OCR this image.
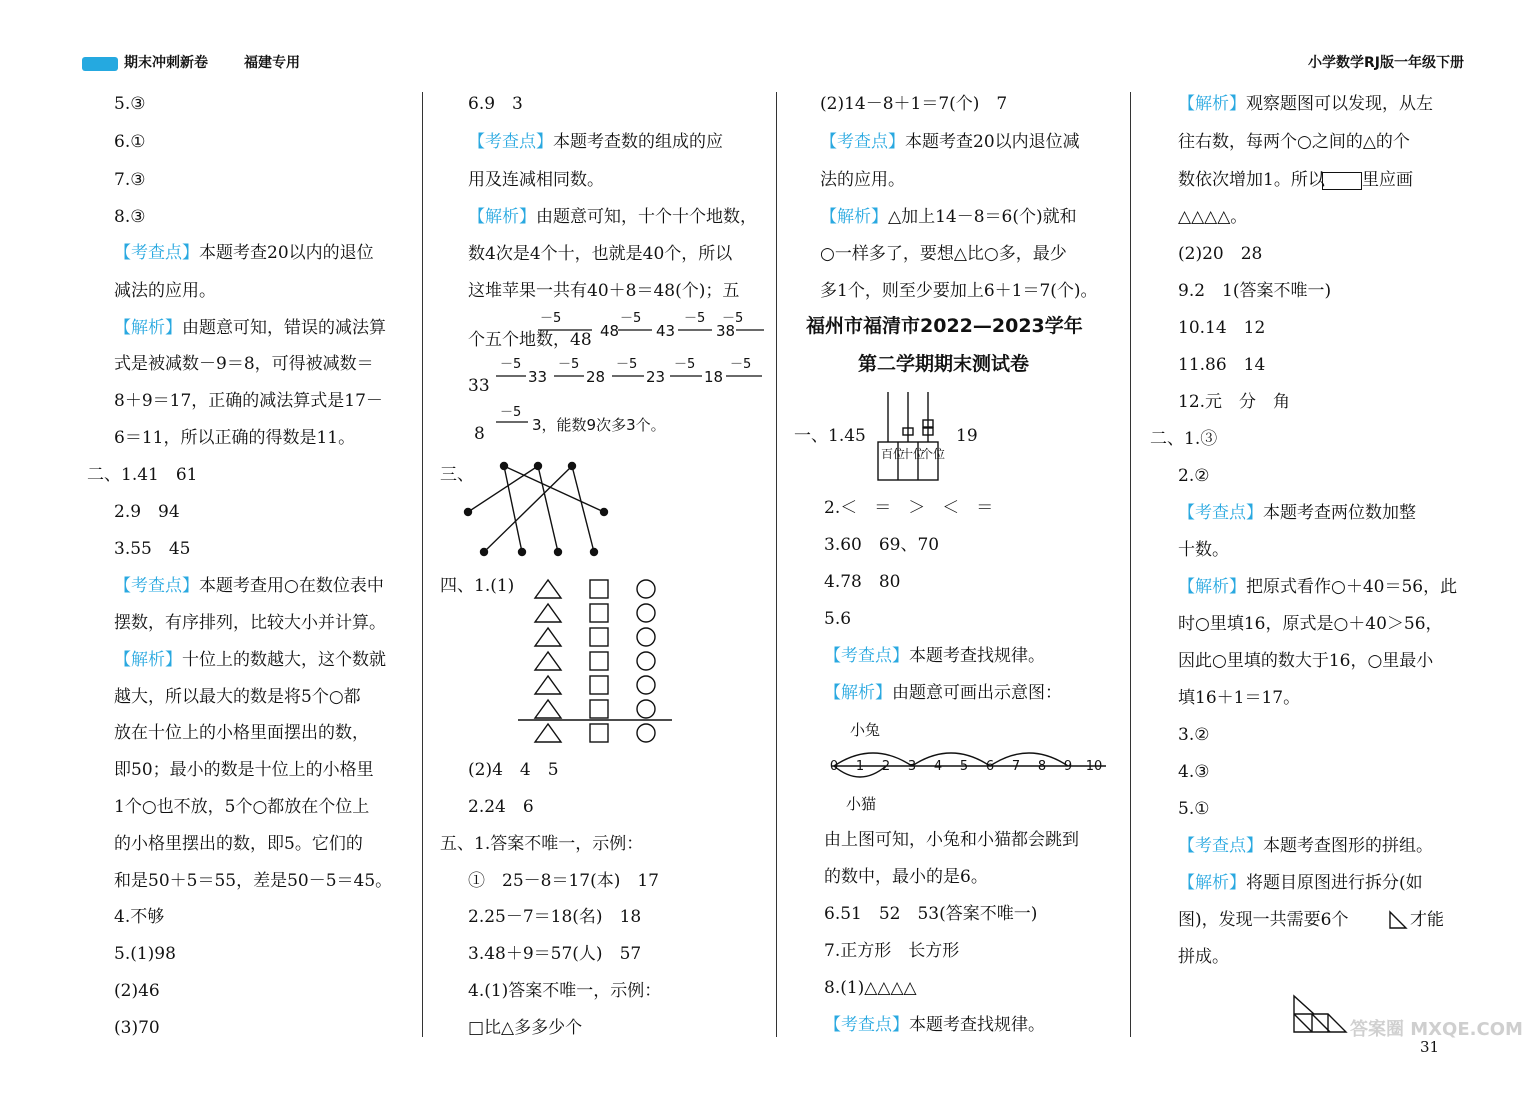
期末冲刺新卷	福建专用	小学数学RJ版一年级下册
5.③
6.①
7.③
8.③
【考查点】本题考查20以内的退位
减法的应用。
【解析】由题意可知，错误的减法算
式是被减数－9＝8，可得被减数＝
8＋9＝17，正确的减法算式是17－
6＝11，所以正确的得数是11。
二、1.41　61
2.9　94
3.55　45
【考查点】本题考查用○在数位表中
摆数，有序排列，比较大小并计算。
【解析】十位上的数越大，这个数就
越大，所以最大的数是将5个○都
放在十位上的小格里面摆出的数，
即50；最小的数是十位上的小格里
1个○也不放，5个○都放在个位上
的小格里摆出的数，即5。它们的
和是50＋5＝55，差是50－5＝45。
4.不够
5.(1)98
(2)46
(3)70
6.9　3
【考查点】本题考查数的组成的应
用及连减相同数。
【解析】由题意可知，十个十个地数，
数4次是4个十，也就是40个，所以
这堆苹果一共有40＋8＝48(个)；五
个五个地数，48
33
8
三、
四、1.(1)
(2)4　4　5
2.24　6
五、1.答案不唯一，示例：
①　25－8＝17(本)　17
2.25－7＝18(名)　18
3.48＋9＝57(人)　57
4.(1)答案不唯一，示例：
□比△多多少个
48 43	38
－5	－5	－5 －5
33	28	23	18
－5	－5	－5	－5	－5
－5
3，能数9次多3个。
(2)14－8＋1＝7(个)　7
【考查点】本题考查20以内退位减
法的应用。
【解析】△加上14－8＝6(个)就和
○一样多了，要想△比○多，最少
多1个，则至少要加上6＋1＝7(个)。
福州市福清市2022—2023学年
第二学期期末测试卷
一、1.45	19
2.＜　＝　＞　＜　＝
3.60　69、70
4.78　80
5.6
【考查点】本题考查找规律。
【解析】由题意可画出示意图：
小兔
小猫
由上图可知，小兔和小猫都会跳到
的数中，最小的是6。
6.51　52　53(答案不唯一)
7.正方形　长方形
8.(1)△△△△
【考查点】本题考查找规律。
百位
十位
个位
0 1 2 3 4 5 6 7 8 9 10
【解析】观察题图可以发现，从左
往右数，每两个○之间的△的个
数依次增加1。所以 里应画
△△△△。
(2)20　28
9.2　1(答案不唯一)
10.14　12
11.86　14
12.元　分　角
二、1.③
2.②
【考查点】本题考查两位数加整
十数。
【解析】把原式看作○＋40＝56，此
时○里填16，原式是○＋40＞56，
因此○里填的数大于16，○里最小
填16＋1＝17。
3.②
4.③
5.①
【考查点】本题考查图形的拼组。
【解析】将题目原图进行拆分(如
图)，发现一共需要6个	才能
拼成。
31
答案圈 MXQE.COM
